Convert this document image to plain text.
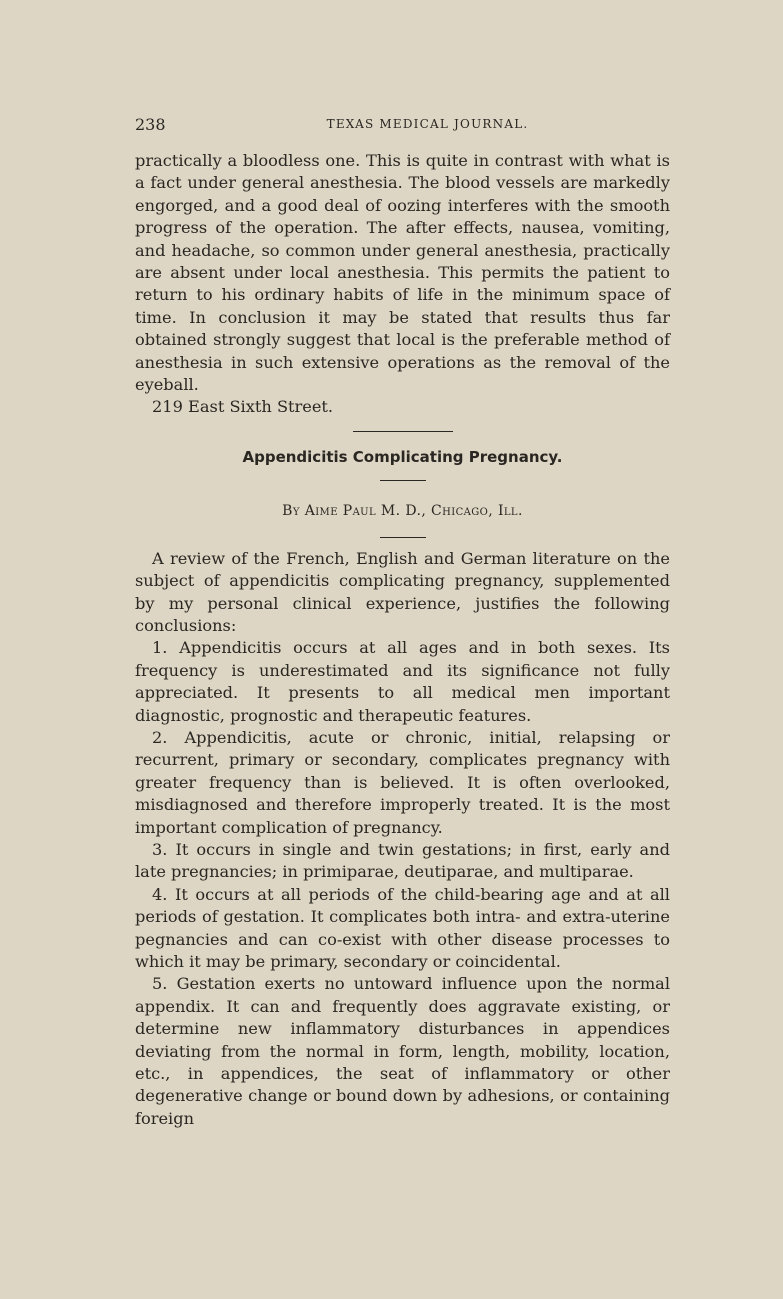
238	TEXAS MEDICAL JOURNAL.

practically a bloodless one. This is quite in contrast with what is a fact under general anesthesia. The blood vessels are markedly engorged, and a good deal of oozing interferes with the smooth progress of the operation. The after effects, nausea, vomiting, and headache, so common under general anesthesia, practically are absent under local anesthesia. This permits the patient to return to his ordinary habits of life in the minimum space of time. In conclusion it may be stated that results thus far obtained strongly suggest that local is the preferable method of anesthesia in such extensive operations as the removal of the eyeball.

219 East Sixth Street.

Appendicitis Complicating Pregnancy.
By Aime Paul M. D., Chicago, Ill.

A review of the French, English and German literature on the subject of appendicitis complicating pregnancy, supplemented by my personal clinical experience, justifies the following conclusions:

1. Appendicitis occurs at all ages and in both sexes. Its frequency is underestimated and its significance not fully appreciated. It presents to all medical men important diagnostic, prognostic and therapeutic features.

2. Appendicitis, acute or chronic, initial, relapsing or recurrent, primary or secondary, complicates pregnancy with greater frequency than is believed. It is often overlooked, misdiagnosed and therefore improperly treated. It is the most important complication of pregnancy.

3. It occurs in single and twin gestations; in first, early and late pregnancies; in primiparae, deutiparae, and multiparae.

4. It occurs at all periods of the child-bearing age and at all periods of gestation. It complicates both intra- and extra-uterine pegnancies and can co-exist with other disease processes to which it may be primary, secondary or coincidental.

5. Gestation exerts no untoward influence upon the normal appendix. It can and frequently does aggravate existing, or determine new inflammatory disturbances in appendices deviating from the normal in form, length, mobility, location, etc., in appendices, the seat of inflammatory or other degenerative change or bound down by adhesions, or containing foreign
